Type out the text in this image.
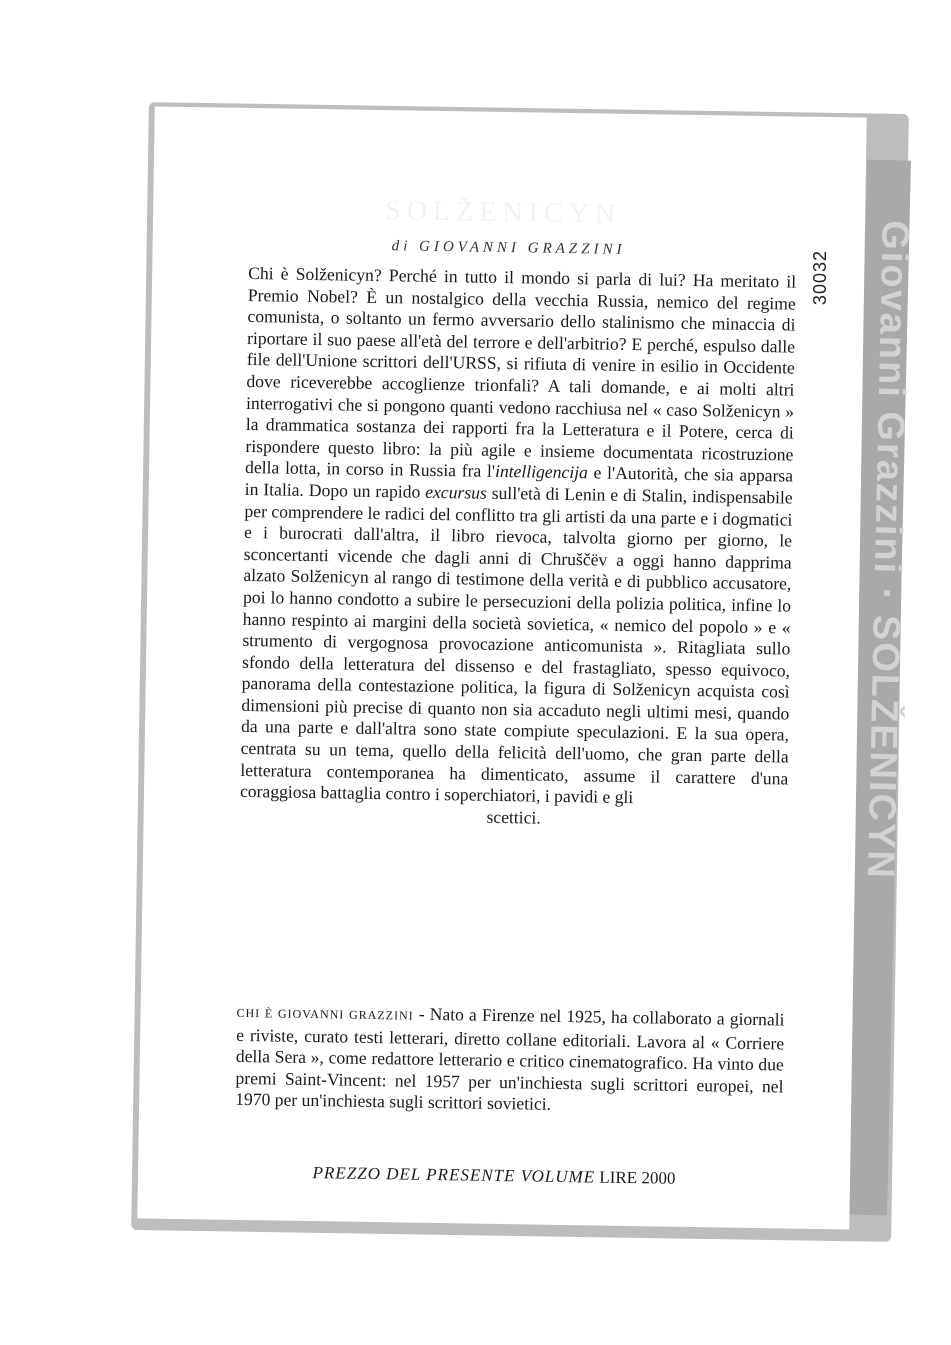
Giovanni Grazzini · SOLŽENICYN
SOLŽENICYN
di GIOVANNI GRAZZINI
Chi è Solženicyn? Perché in tutto il mondo si parla di lui? Ha meritato il Premio Nobel? È un nostalgico della vecchia Russia, nemico del regime comunista, o soltanto un fermo avversario dello stalinismo che minaccia di riportare il suo paese all'età del terrore e dell'arbitrio? E perché, espulso dalle file dell'Unione scrittori dell'URSS, si rifiuta di venire in esilio in Occidente dove riceverebbe accoglienze trionfali? A tali domande, e ai molti altri interrogativi che si pongono quanti vedono racchiusa nel « caso Solženicyn » la drammatica sostanza dei rapporti fra la Letteratura e il Potere, cerca di rispondere questo libro: la più agile e insieme documentata ricostruzione della lotta, in corso in Russia fra l'intelligencija e l'Autorità, che sia apparsa in Italia. Dopo un rapido excursus sull'età di Lenin e di Stalin, indispensabile per comprendere le radici del conflitto tra gli artisti da una parte e i dogmatici e i burocrati dall'altra, il libro rievoca, talvolta giorno per giorno, le sconcertanti vicende che dagli anni di Chruščëv a oggi hanno dapprima alzato Solženicyn al rango di testimone della verità e di pubblico accusatore, poi lo hanno condotto a subire le persecuzioni della polizia politica, infine lo hanno respinto ai margini della società sovietica, « nemico del popolo » e « strumento di vergognosa provocazione anticomunista ». Ritagliata sullo sfondo della letteratura del dissenso e del frastagliato, spesso equivoco, panorama della contestazione politica, la figura di Solženicyn acquista così dimensioni più precise di quanto non sia accaduto negli ultimi mesi, quando da una parte e dall'altra sono state compiute speculazioni. E la sua opera, centrata su un tema, quello della felicità dell'uomo, che gran parte della letteratura contemporanea ha dimenticato, assume il carattere d'una coraggiosa battaglia contro i soperchiatori, i pavidi e gli
scettici.
CHI È GIOVANNI GRAZZINI - Nato a Firenze nel 1925, ha collaborato a giornali e riviste, curato testi letterari, diretto collane editoriali. Lavora al « Corriere della Sera », come redattore letterario e critico cinematografico. Ha vinto due premi Saint-Vincent: nel 1957 per un'inchiesta sugli scrittori europei, nel 1970 per un'inchiesta sugli scrittori sovietici.
PREZZO DEL PRESENTE VOLUME LIRE 2000
30032
